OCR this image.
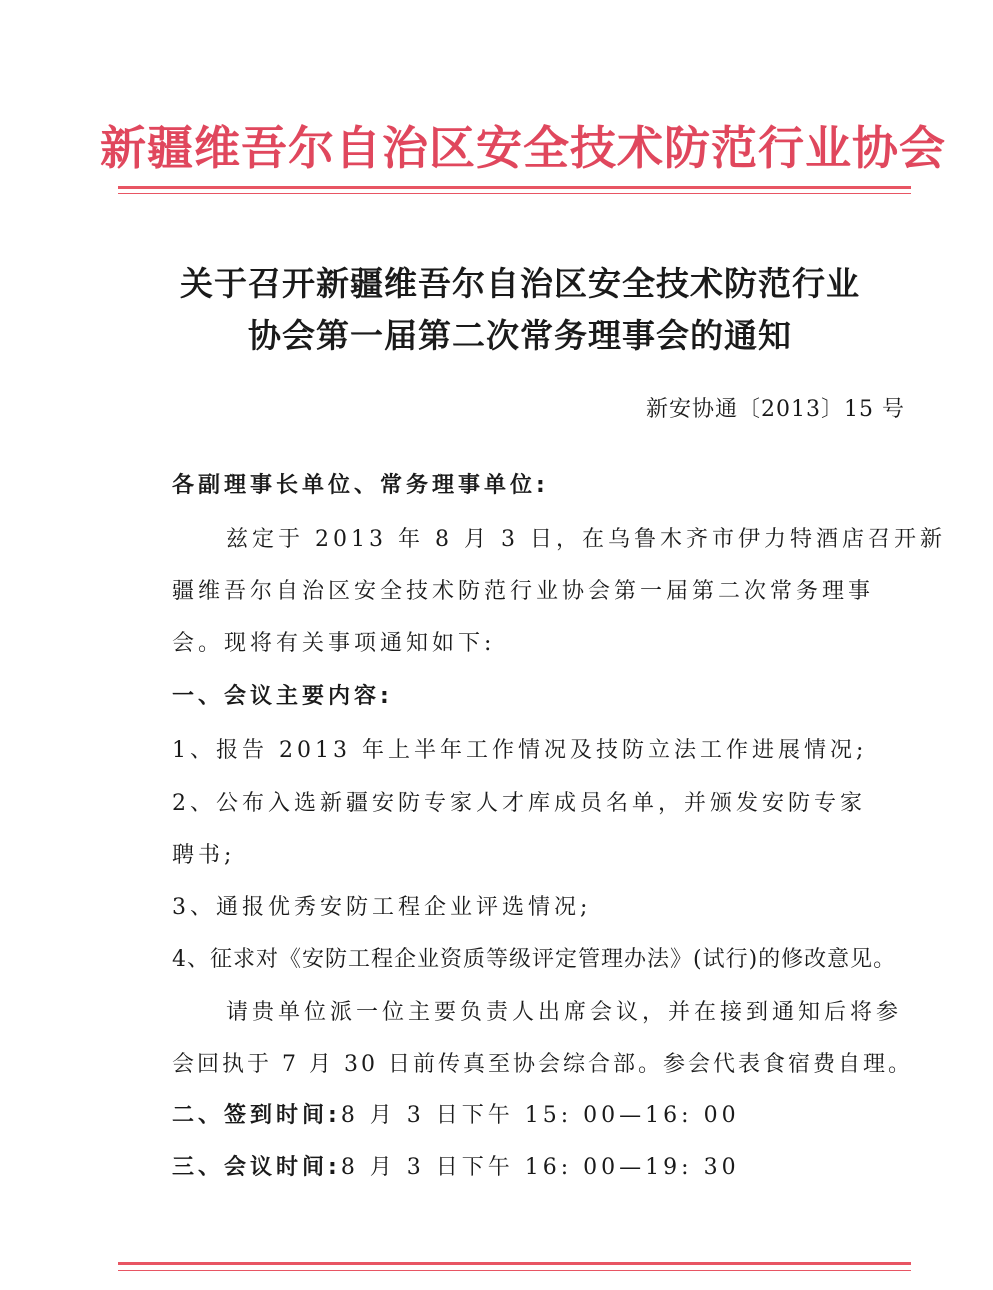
新疆维吾尔自治区安全技术防范行业协会
关于召开新疆维吾尔自治区安全技术防范行业
协会第一届第二次常务理事会的通知
新安协通〔2013〕15 号
各副理事长单位、常务理事单位:
兹定于 2013 年 8 月 3 日，在乌鲁木齐市伊力特酒店召开新
疆维吾尔自治区安全技术防范行业协会第一届第二次常务理事
会。现将有关事项通知如下:
一、会议主要内容:
1、报告 2013 年上半年工作情况及技防立法工作进展情况;
2、公布入选新疆安防专家人才库成员名单，并颁发安防专家
聘书;
3、通报优秀安防工程企业评选情况;
4、征求对《安防工程企业资质等级评定管理办法》(试行)的修改意见。
请贵单位派一位主要负责人出席会议，并在接到通知后将参
会回执于 7 月 30 日前传真至协会综合部。参会代表食宿费自理。
二、签到时间:8 月 3 日下午 15: 00—16: 00
三、会议时间:8 月 3 日下午 16: 00—19: 30
